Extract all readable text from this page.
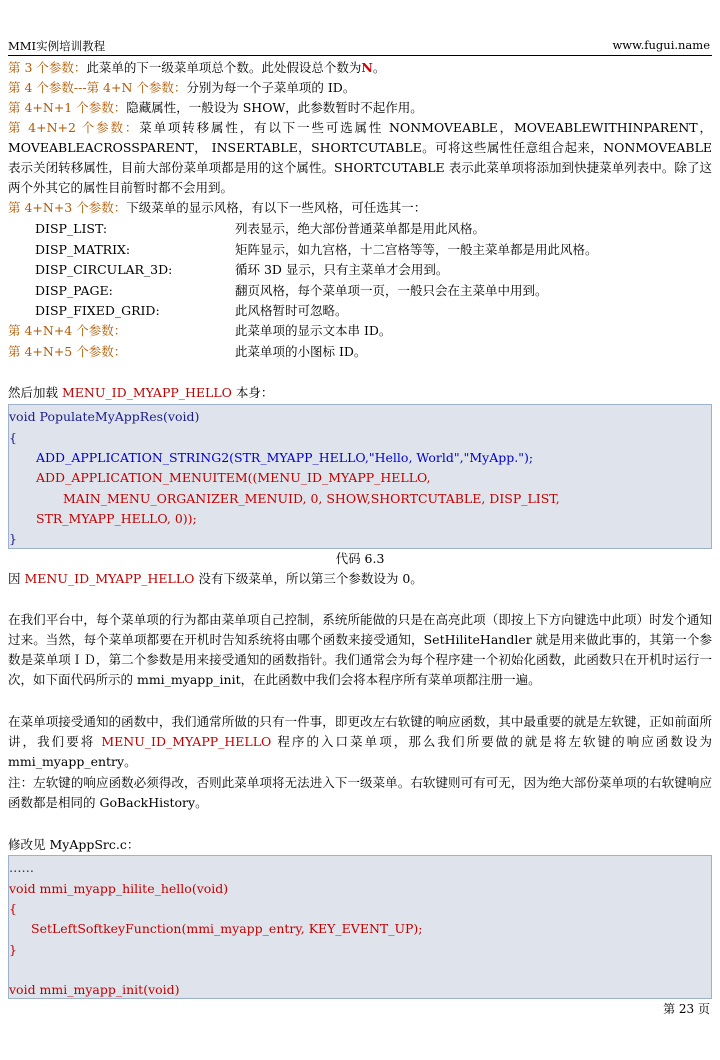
MMI实例培训教程	www.fugui.name
第 3 个参数：此菜单的下一级菜单项总个数。此处假设总个数为N。
第 4 个参数---第 4+N 个参数：分别为每一个子菜单项的 ID。
第 4+N+1 个参数：隐藏属性，一般设为 SHOW，此参数暂时不起作用。
第 4+N+2 个参数：菜单项转移属性，有以下一些可选属性 NONMOVEABLE，MOVEABLEWITHINPARENT，MOVEABLEACROSSPARENT， INSERTABLE，SHORTCUTABLE。可将这些属性任意组合起来，NONMOVEABLE 表示关闭转移属性，目前大部份菜单项都是用的这个属性。SHORTCUTABLE 表示此菜单项将添加到快捷菜单列表中。除了这两个外其它的属性目前暂时都不会用到。
第 4+N+3 个参数：下级菜单的显示风格，有以下一些风格，可任选其一：
DISP_LIST:	列表显示，绝大部份普通菜单都是用此风格。
DISP_MATRIX:	矩阵显示，如九宫格，十二宫格等等，一般主菜单都是用此风格。
DISP_CIRCULAR_3D:	循环 3D 显示，只有主菜单才会用到。
DISP_PAGE:	翻页风格，每个菜单项一页，一般只会在主菜单中用到。
DISP_FIXED_GRID:	此风格暂时可忽略。
第 4+N+4 个参数：	此菜单项的显示文本串 ID。
第 4+N+5 个参数：	此菜单项的小图标 ID。
然后加载 MENU_ID_MYAPP_HELLO 本身：
void PopulateMyAppRes(void)
{
ADD_APPLICATION_STRING2(STR_MYAPP_HELLO,"Hello, World","MyApp.");
ADD_APPLICATION_MENUITEM((MENU_ID_MYAPP_HELLO,
MAIN_MENU_ORGANIZER_MENUID, 0, SHOW,SHORTCUTABLE, DISP_LIST,
STR_MYAPP_HELLO, 0));
}
代码 6.3
因 MENU_ID_MYAPP_HELLO 没有下级菜单，所以第三个参数设为 0。
在我们平台中，每个菜单项的行为都由菜单项自己控制，系统所能做的只是在高亮此项（即按上下方向键选中此项）时发个通知过来。当然，每个菜单项都要在开机时告知系统将由哪个函数来接受通知，SetHiliteHandler 就是用来做此事的，其第一个参数是菜单项ＩＤ，第二个参数是用来接受通知的函数指针。我们通常会为每个程序建一个初始化函数，此函数只在开机时运行一次，如下面代码所示的 mmi_myapp_init，在此函数中我们会将本程序所有菜单项都注册一遍。
在菜单项接受通知的函数中，我们通常所做的只有一件事，即更改左右软键的响应函数，其中最重要的就是左软键，正如前面所讲，我们要将 MENU_ID_MYAPP_HELLO 程序的入口菜单项，那么我们所要做的就是将左软键的响应函数设为 mmi_myapp_entry。
注：左软键的响应函数必须得改，否则此菜单项将无法进入下一级菜单。右软键则可有可无，因为绝大部份菜单项的右软键响应函数都是相同的 GoBackHistory。
修改见 MyAppSrc.c：
……
void mmi_myapp_hilite_hello(void)
{
SetLeftSoftkeyFunction(mmi_myapp_entry, KEY_EVENT_UP);
}
void mmi_myapp_init(void)
第 23 页
